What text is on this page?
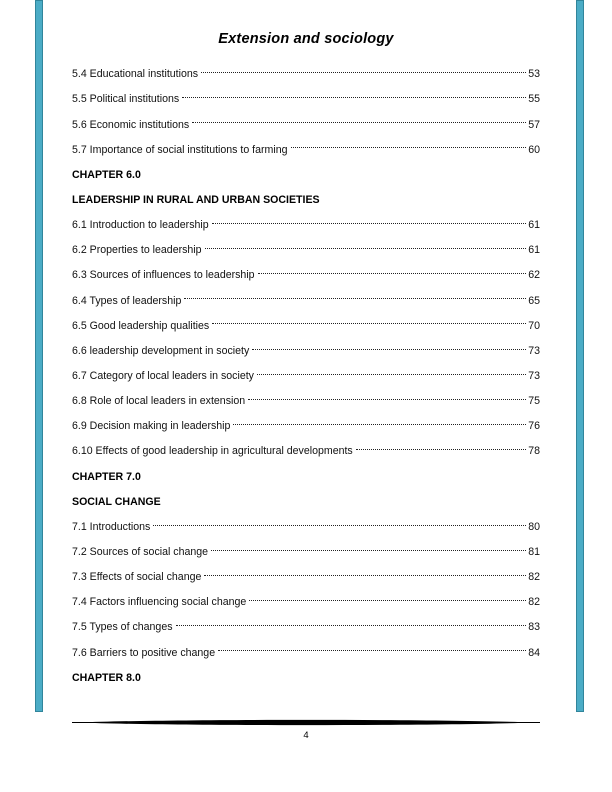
Extension and sociology
5.4 Educational institutions	53
5.5 Political institutions	55
5.6 Economic institutions	57
5.7 Importance of social institutions to farming	60
CHAPTER 6.0
LEADERSHIP IN RURAL AND URBAN SOCIETIES
6.1 Introduction to leadership	61
6.2 Properties to leadership	61
6.3 Sources of influences to leadership	62
6.4 Types of leadership	65
6.5 Good leadership qualities	70
6.6 leadership development in society	73
6.7 Category of local leaders in society	73
6.8 Role of local leaders in extension	75
6.9 Decision making in leadership	76
6.10 Effects of good leadership in agricultural developments	78
CHAPTER 7.0
SOCIAL CHANGE
7.1 Introductions	80
7.2 Sources of social change	81
7.3 Effects of social change	82
7.4 Factors influencing social change	82
7.5 Types of changes	83
7.6 Barriers to positive change	84
CHAPTER 8.0
4
